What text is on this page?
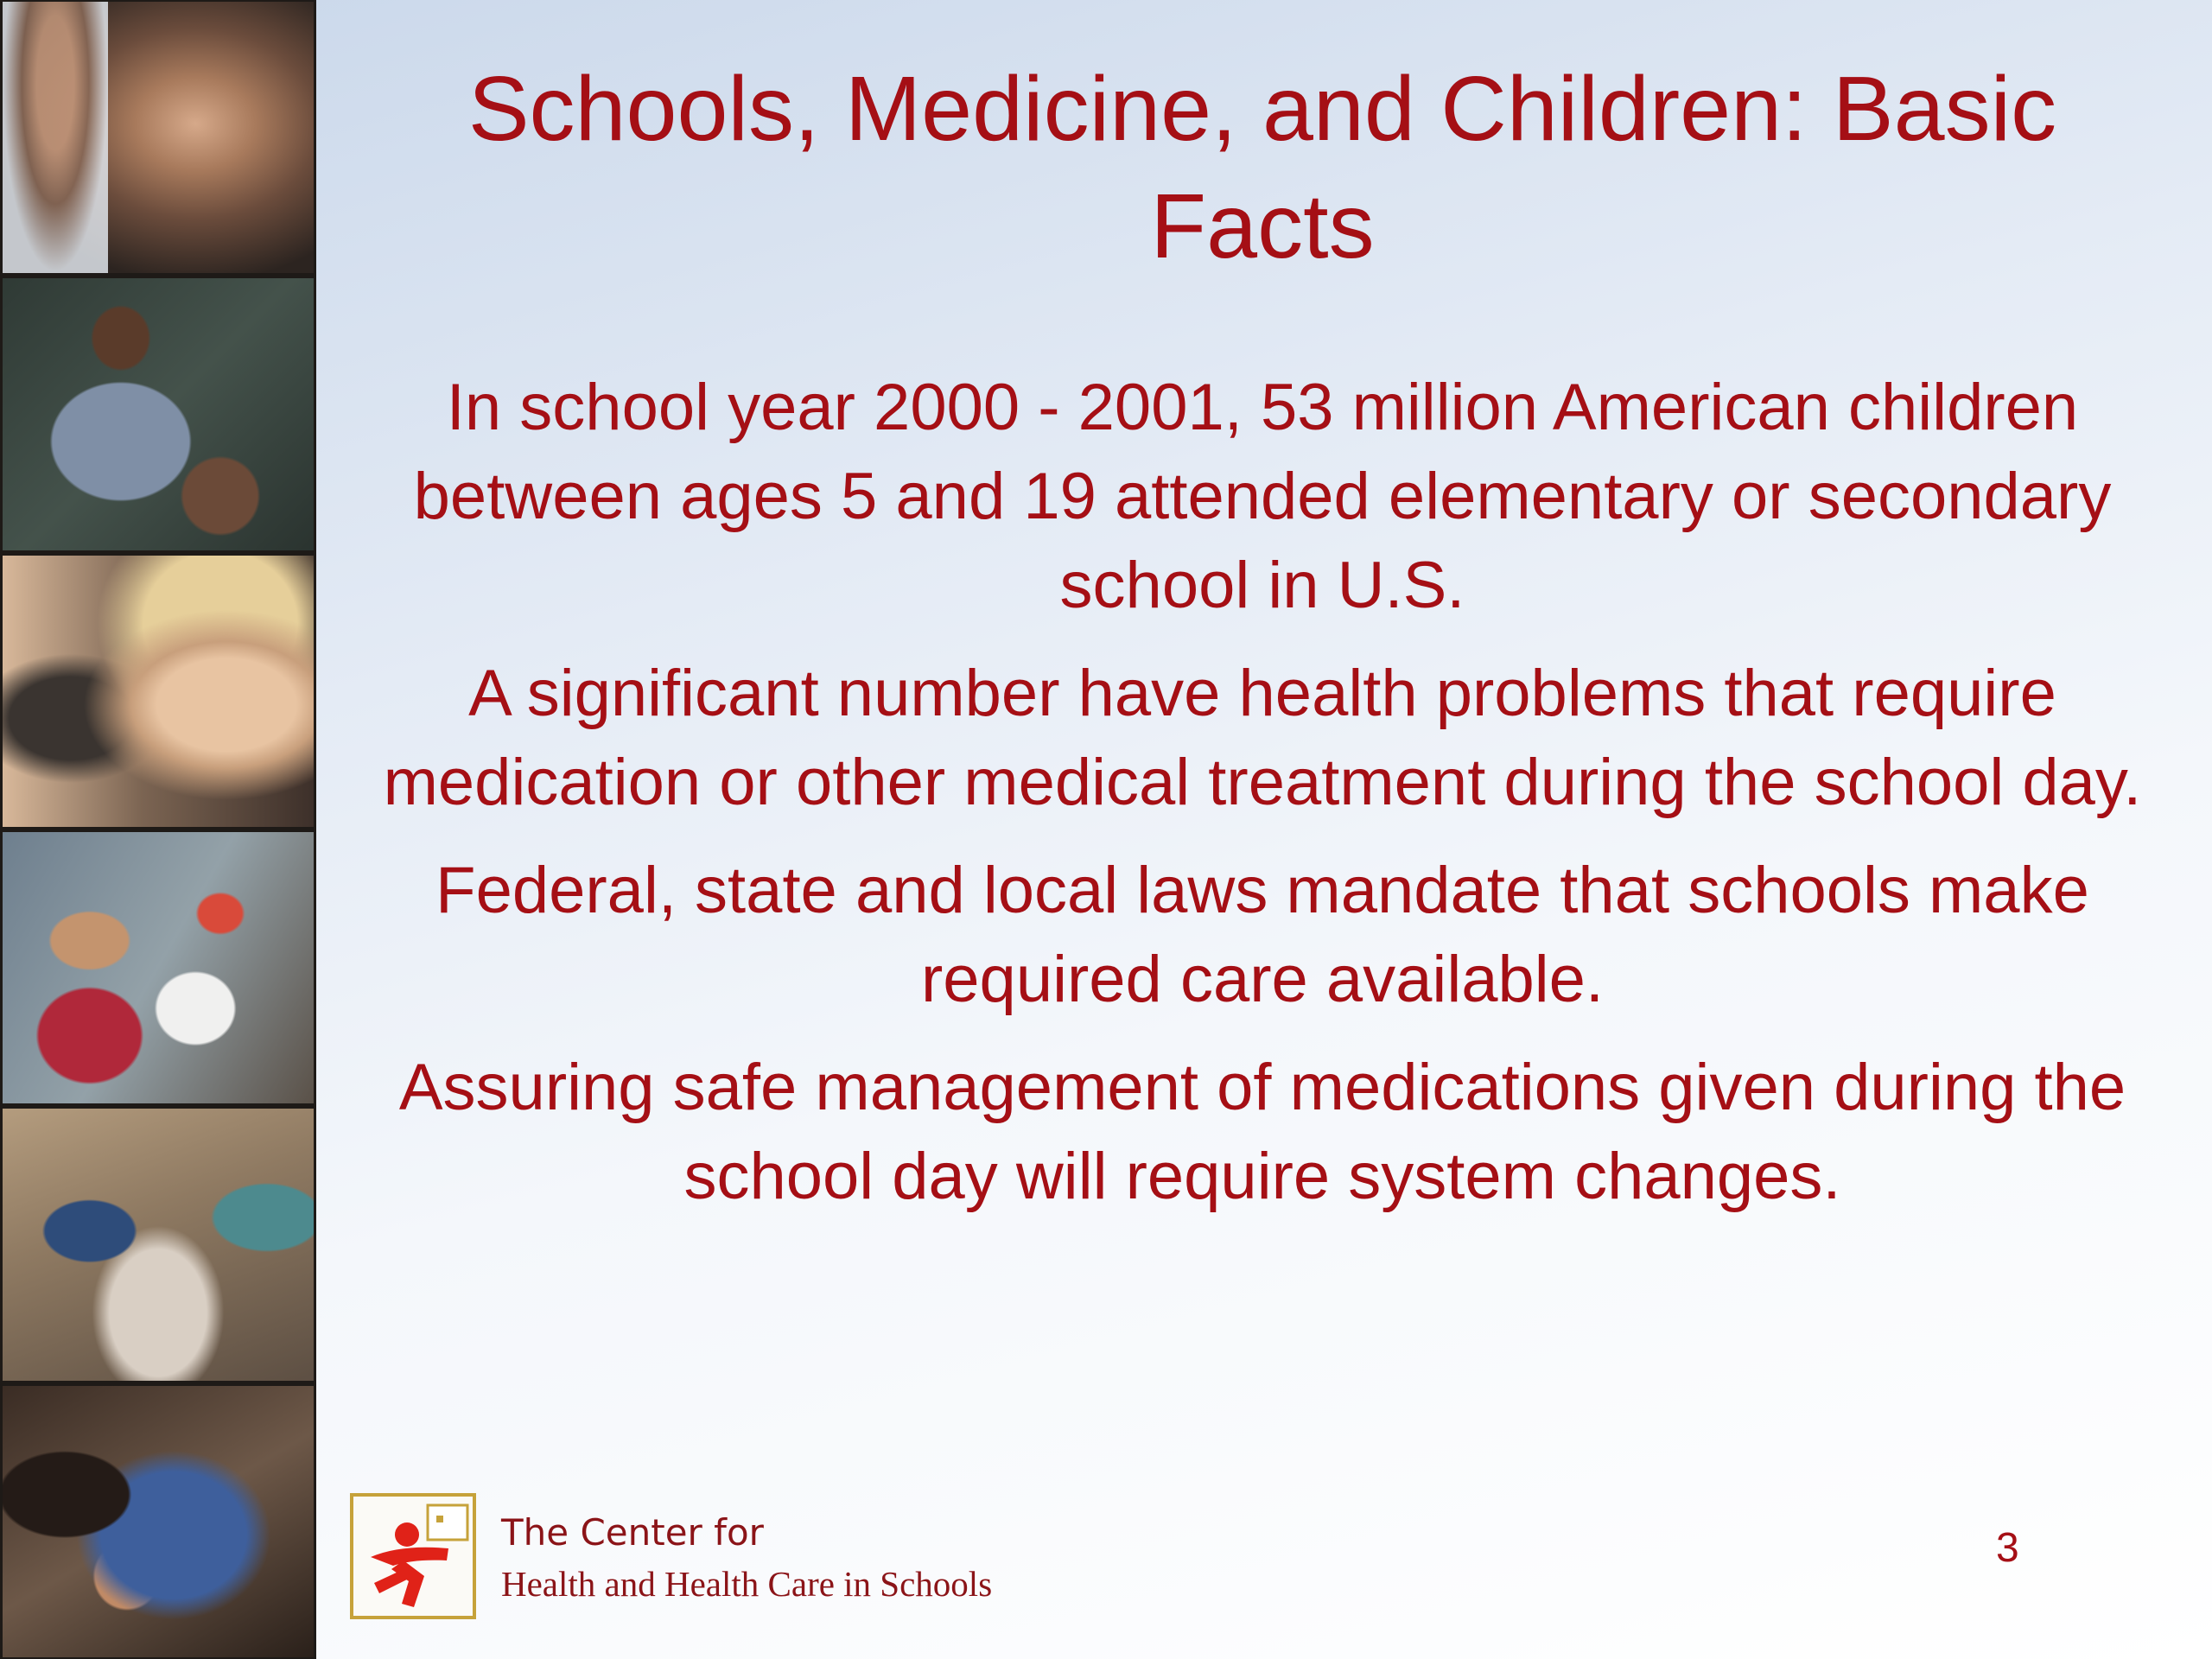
Schools, Medicine, and Children: Basic Facts

In school year 2000 - 2001, 53 million American children between ages 5 and 19 attended elementary or secondary school in U.S.

A significant number have health problems that require medication or other medical treatment during the school day.

Federal, state and local laws mandate that schools make required care available.

Assuring safe management of medications given during the school day will require system changes.

The Center for
Health and Health Care in Schools
3
